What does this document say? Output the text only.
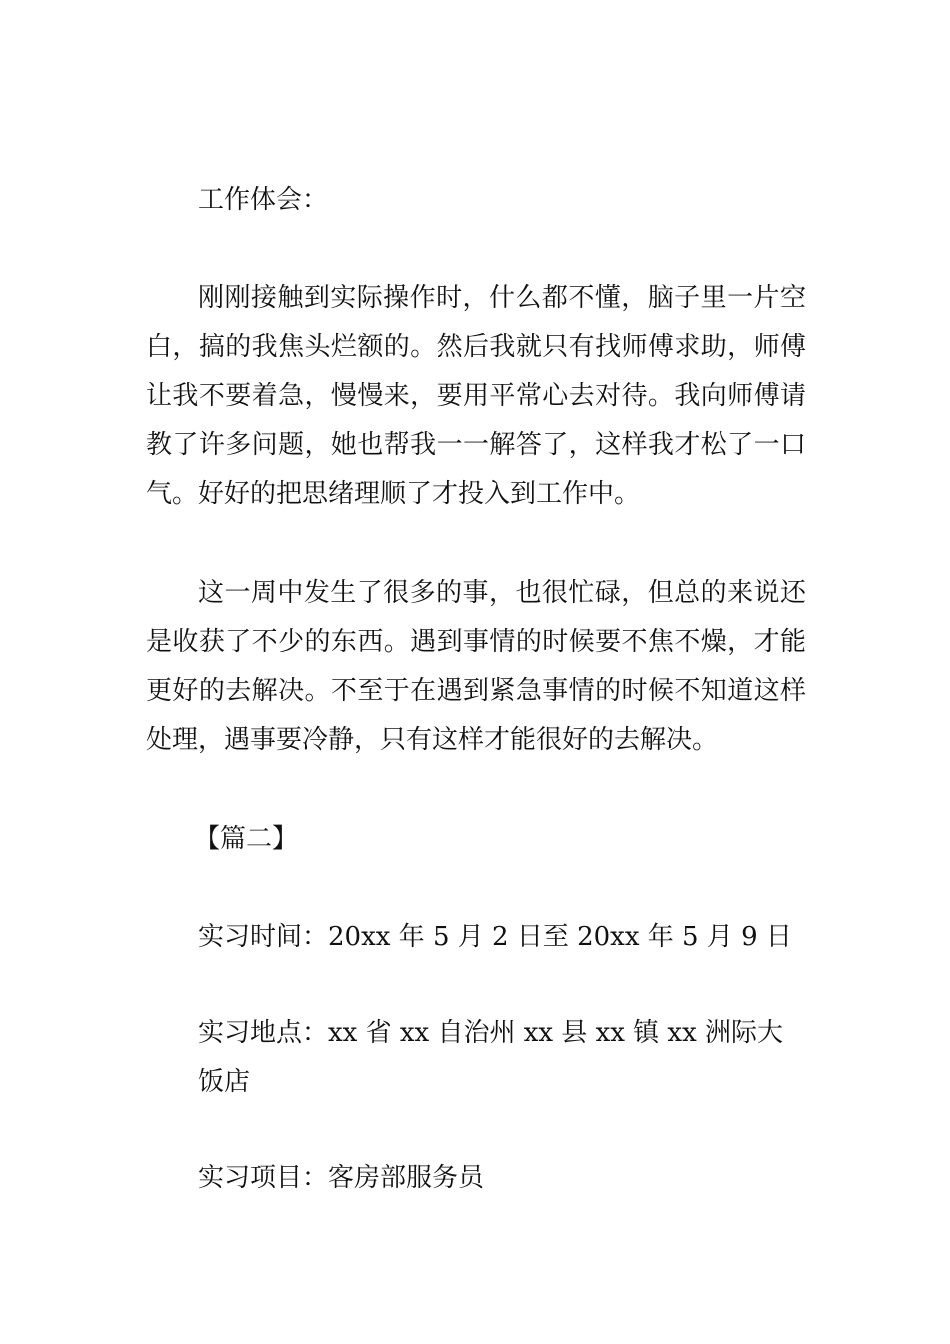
工作体会：

刚刚接触到实际操作时，什么都不懂，脑子里一片空白，搞的我焦头烂额的。然后我就只有找师傅求助，师傅让我不要着急，慢慢来，要用平常心去对待。我向师傅请教了许多问题，她也帮我一一解答了，这样我才松了一口气。好好的把思绪理顺了才投入到工作中。

这一周中发生了很多的事，也很忙碌，但总的来说还是收获了不少的东西。遇到事情的时候要不焦不燥，才能更好的去解决。不至于在遇到紧急事情的时候不知道这样处理，遇事要冷静，只有这样才能很好的去解决。

【篇二】

实习时间：20xx 年 5 月 2 日至 20xx 年 5 月 9 日

实习地点：xx 省 xx 自治州 xx 县 xx 镇 xx 洲际大饭店

实习项目：客房部服务员
